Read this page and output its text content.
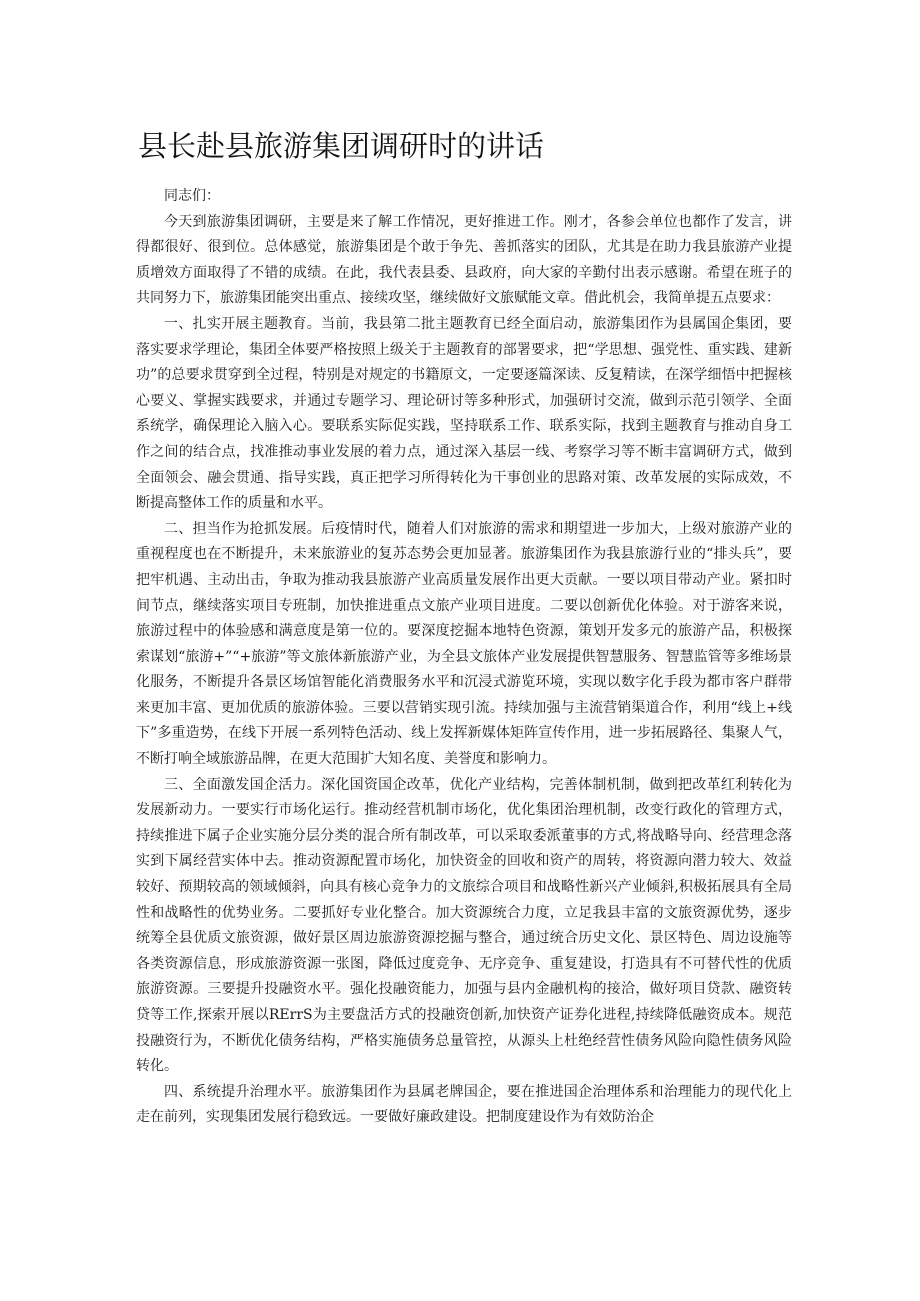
县长赴县旅游集团调研时的讲话

同志们：

今天到旅游集团调研，主要是来了解工作情况，更好推进工作。刚才，各参会单位也都作了发言，讲得都很好、很到位。总体感觉，旅游集团是个敢于争先、善抓落实的团队，尤其是在助力我县旅游产业提质增效方面取得了不错的成绩。在此，我代表县委、县政府，向大家的辛勤付出表示感谢。希望在班子的共同努力下，旅游集团能突出重点、接续攻坚，继续做好文旅赋能文章。借此机会，我简单提五点要求：

一、扎实开展主题教育。当前，我县第二批主题教育已经全面启动，旅游集团作为县属国企集团，要落实要求学理论，集团全体要严格按照上级关于主题教育的部署要求，把“学思想、强党性、重实践、建新功”的总要求贯穿到全过程，特别是对规定的书籍原文，一定要逐篇深读、反复精读，在深学细悟中把握核心要义、掌握实践要求，并通过专题学习、理论研讨等多种形式，加强研讨交流，做到示范引领学、全面系统学，确保理论入脑入心。要联系实际促实践，坚持联系工作、联系实际，找到主题教育与推动自身工作之间的结合点，找准推动事业发展的着力点，通过深入基层一线、考察学习等不断丰富调研方式，做到全面领会、融会贯通、指导实践，真正把学习所得转化为干事创业的思路对策、改革发展的实际成效，不断提高整体工作的质量和水平。

二、担当作为抢抓发展。后疫情时代，随着人们对旅游的需求和期望进一步加大，上级对旅游产业的重视程度也在不断提升，未来旅游业的复苏态势会更加显著。旅游集团作为我县旅游行业的“排头兵”，要把牢机遇、主动出击，争取为推动我县旅游产业高质量发展作出更大贡献。一要以项目带动产业。紧扣时间节点，继续落实项目专班制，加快推进重点文旅产业项目进度。二要以创新优化体验。对于游客来说，旅游过程中的体验感和满意度是第一位的。要深度挖掘本地特色资源，策划开发多元的旅游产品，积极探索谋划“旅游+”“+旅游”等文旅体新旅游产业，为全县文旅体产业发展提供智慧服务、智慧监管等多维场景化服务，不断提升各景区场馆智能化消费服务水平和沉浸式游览环境，实现以数字化手段为都市客户群带来更加丰富、更加优质的旅游体验。三要以营销实现引流。持续加强与主流营销渠道合作，利用“线上+线下”多重造势，在线下开展一系列特色活动、线上发挥新媒体矩阵宣传作用，进一步拓展路径、集聚人气，不断打响全域旅游品牌，在更大范围扩大知名度、美誉度和影响力。

三、全面激发国企活力。深化国资国企改革，优化产业结构，完善体制机制，做到把改革红利转化为发展新动力。一要实行市场化运行。推动经营机制市场化，优化集团治理机制，改变行政化的管理方式，持续推进下属子企业实施分层分类的混合所有制改革，可以采取委派董事的方式,将战略导向、经营理念落实到下属经营实体中去。推动资源配置市场化，加快资金的回收和资产的周转，将资源向潜力较大、效益较好、预期较高的领域倾斜，向具有核心竞争力的文旅综合项目和战略性新兴产业倾斜,积极拓展具有全局性和战略性的优势业务。二要抓好专业化整合。加大资源统合力度，立足我县丰富的文旅资源优势，逐步统筹全县优质文旅资源，做好景区周边旅游资源挖掘与整合，通过统合历史文化、景区特色、周边设施等各类资源信息，形成旅游资源一张图，降低过度竞争、无序竞争、重复建设，打造具有不可替代性的优质旅游资源。三要提升投融资水平。强化投融资能力，加强与县内金融机构的接洽，做好项目贷款、融资转贷等工作,探索开展以RErrS为主要盘活方式的投融资创新,加快资产证券化进程,持续降低融资成本。规范投融资行为，不断优化债务结构，严格实施债务总量管控，从源头上杜绝经营性债务风险向隐性债务风险转化。

四、系统提升治理水平。旅游集团作为县属老牌国企，要在推进国企治理体系和治理能力的现代化上走在前列，实现集团发展行稳致远。一要做好廉政建设。把制度建设作为有效防治企
